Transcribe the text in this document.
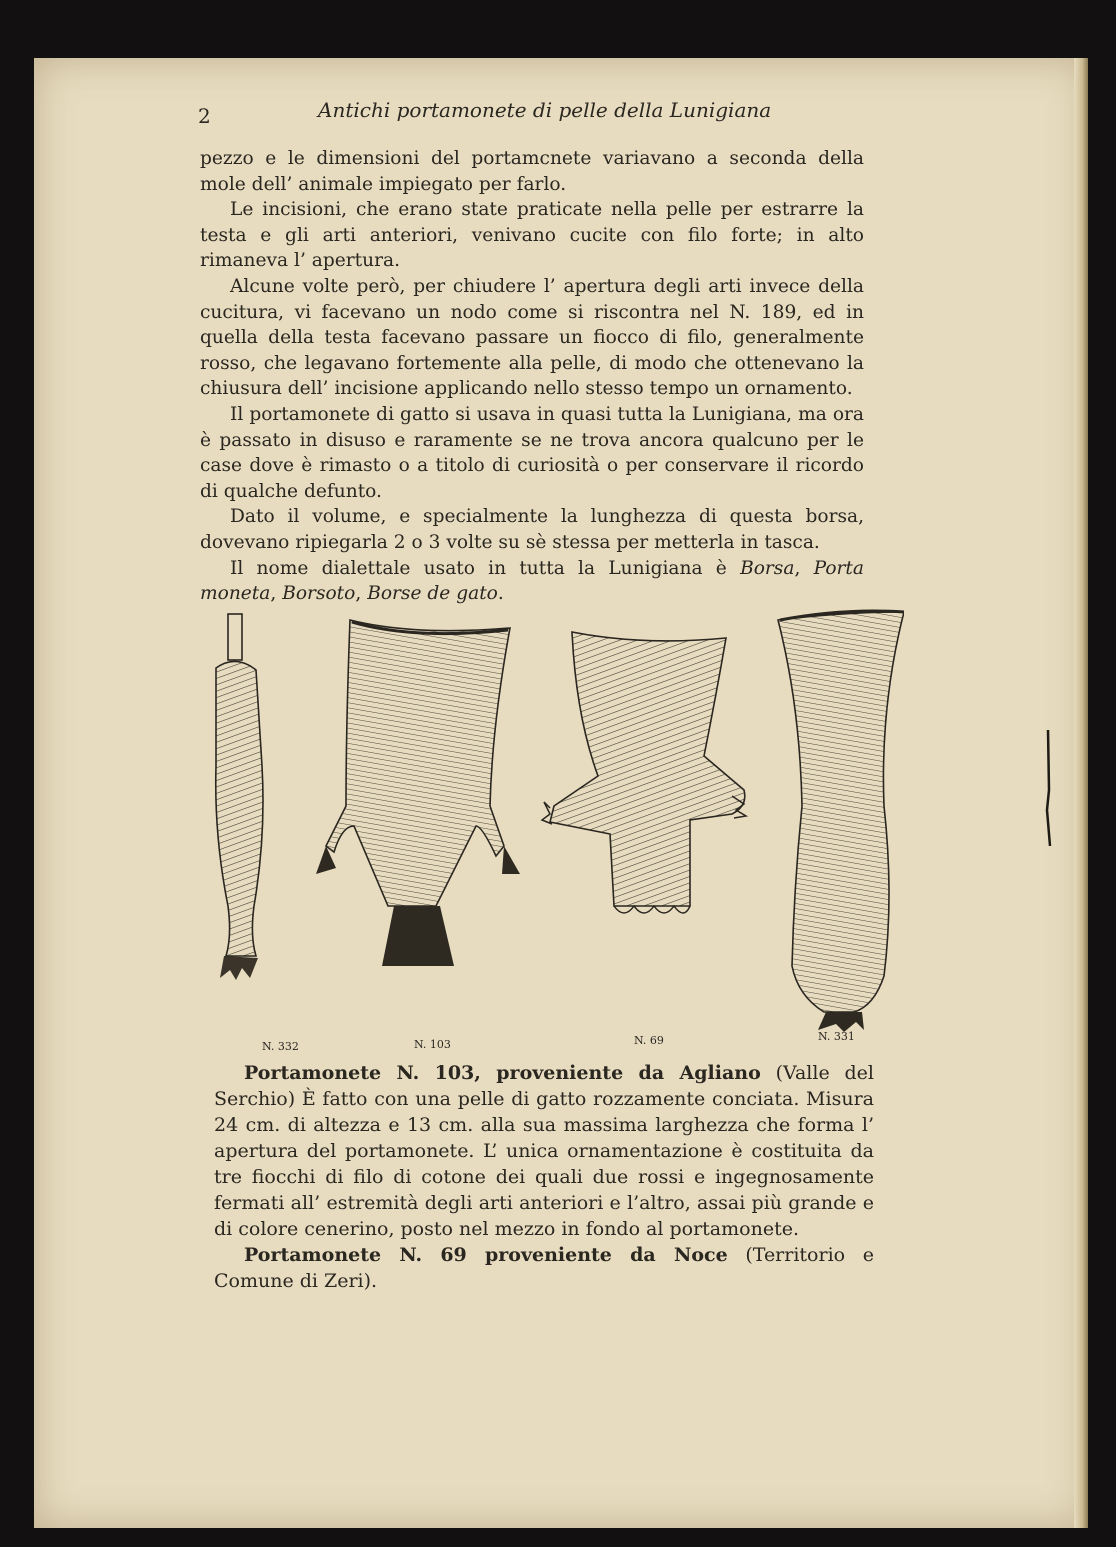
2	Antichi portamonete di pelle della Lunigiana

pezzo e le dimensioni del portamcnete variavano a seconda della mole dell’ animale impiegato per farlo.

Le incisioni, che erano state praticate nella pelle per estrarre la testa e gli arti anteriori, venivano cucite con filo forte; in alto rimaneva l’ apertura.

Alcune volte però, per chiudere l’ apertura degli arti invece della cucitura, vi facevano un nodo come si riscontra nel N. 189, ed in quella della testa facevano passare un fiocco di filo, generalmente rosso, che legavano fortemente alla pelle, di modo che ottenevano la chiusura dell’ incisione applicando nello stesso tempo un ornamento.

Il portamonete di gatto si usava in quasi tutta la Lunigiana, ma ora è passato in disuso e raramente se ne trova ancora qualcuno per le case dove è rimasto o a titolo di curiosità o per conservare il ricordo di qualche defunto.

Dato il volume, e specialmente la lunghezza di questa borsa, dovevano ripiegarla 2 o 3 volte su sè stessa per metterla in tasca.

Il nome dialettale usato in tutta la Lunigiana è Borsa, Porta moneta, Borsoto, Borse de gato.

N. 332	N. 103	N. 69	N. 331

Portamonete N. 103, proveniente da Agliano (Valle del Serchio) È fatto con una pelle di gatto rozzamente conciata. Misura 24 cm. di altezza e 13 cm. alla sua massima larghezza che forma l’ apertura del portamonete. L’ unica ornamentazione è costituita da tre fiocchi di filo di cotone dei quali due rossi e ingegnosamente fermati all’ estremità degli arti anteriori e l’altro, assai più grande e di colore cenerino, posto nel mezzo in fondo al portamonete.

Portamonete N. 69 proveniente da Noce (Territorio e Comune di Zeri).
